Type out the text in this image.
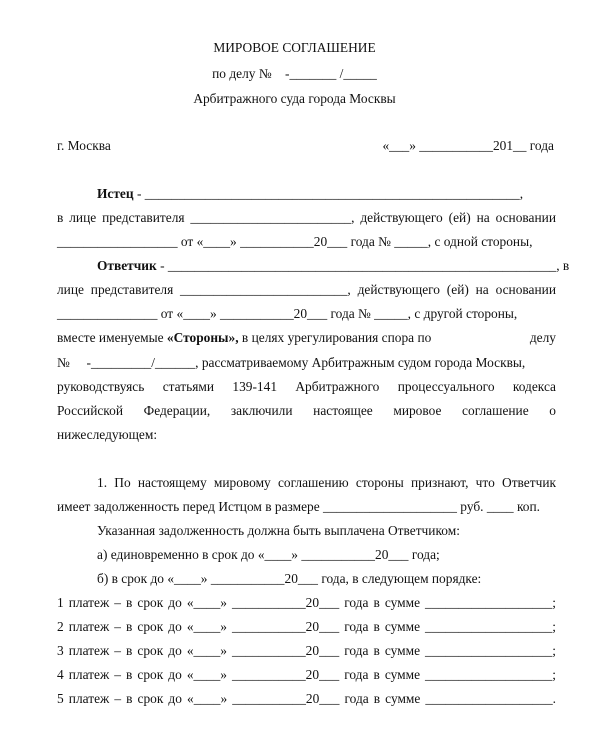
МИРОВОЕ СОГЛАШЕНИЕ
по делу №    -_______ /_____
Арбитражного суда города Москвы
г. Москва	«___» ___________201__ года
Истец - ________________________________________________________,
в лице представителя ________________________, действующего (ей) на основании
__________________ от «____» ___________20___ года № _____, с одной стороны,
Ответчик - __________________________________________________________, в
лице представителя _________________________, действующего (ей) на основании
_______________ от «____» ___________20___ года № _____, с другой стороны,
вместе именуемые «Стороны», в целях урегулирования спора по	делу
№     -_________/______, рассматриваемому Арбитражным судом города Москвы,
руководствуясь статьями 139-141 Арбитражного процессуального кодекса
Российской Федерации, заключили настоящее мировое соглашение о
нижеследующем:
1. По настоящему мировому соглашению стороны признают, что Ответчик
имеет задолженность перед Истцом в размере ____________________ руб. ____ коп.
Указанная задолженность должна быть выплачена Ответчиком:
а) единовременно в срок до «____» ___________20___ года;
б) в срок до «____» ___________20___ года, в следующем порядке:
1 платеж – в срок до «____» ___________20___ года в сумме ___________________;
2 платеж – в срок до «____» ___________20___ года в сумме ___________________;
3 платеж – в срок до «____» ___________20___ года в сумме ___________________;
4 платеж – в срок до «____» ___________20___ года в сумме ___________________;
5 платеж – в срок до «____» ___________20___ года в сумме ___________________.
